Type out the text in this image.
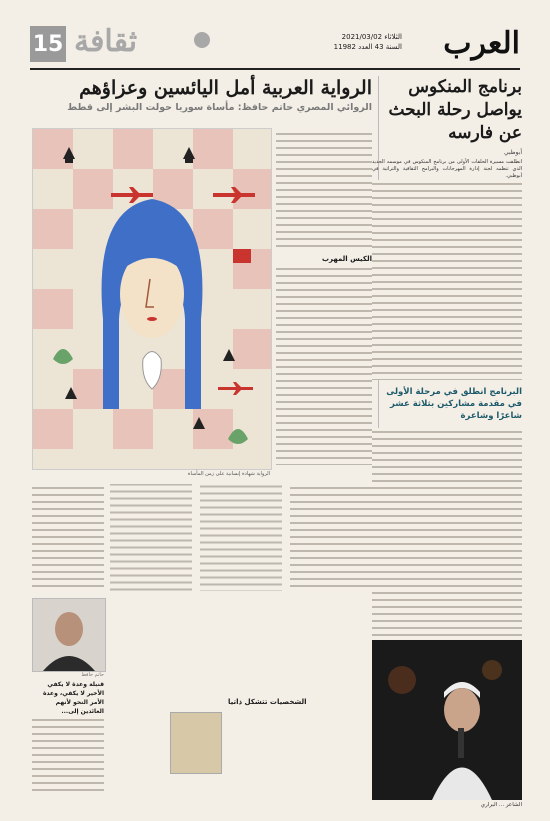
العرب
الثلاثاء 2021/03/02
السنة 43 العدد 11982
15 ثقافة
برنامج المنكوس يواصل رحلة البحث عن فارسه
أبوظبي
انطلقت مسيرة الحلقات الأولى من برنامج المنكوس في موسمه الجديد الذي تنظمه لجنة إدارة المهرجانات والبرامج الثقافية والتراثية في أبوظبي.
البرنامج انطلق في مرحلة الأولى في مقدمة مشاركين بثلاثة عشر شاعرًا وشاعرة
الشاعر ... البراري
الرواية العربية أمل اليائسين وعزاؤهم
الروائي المصري حاتم حافظ: مأساة سوريا حولت البشر إلى قطط
الرواية شهادة إنسانية على زمن المأساة
الكيس المهرب
الشخصيات تتشكل ذاتيا
حاتم حافظ
قنبلة وعدة لا يكفي الأخير لا يكفي، وعدة الأمر النحو لأنهم العائدين إلى...
